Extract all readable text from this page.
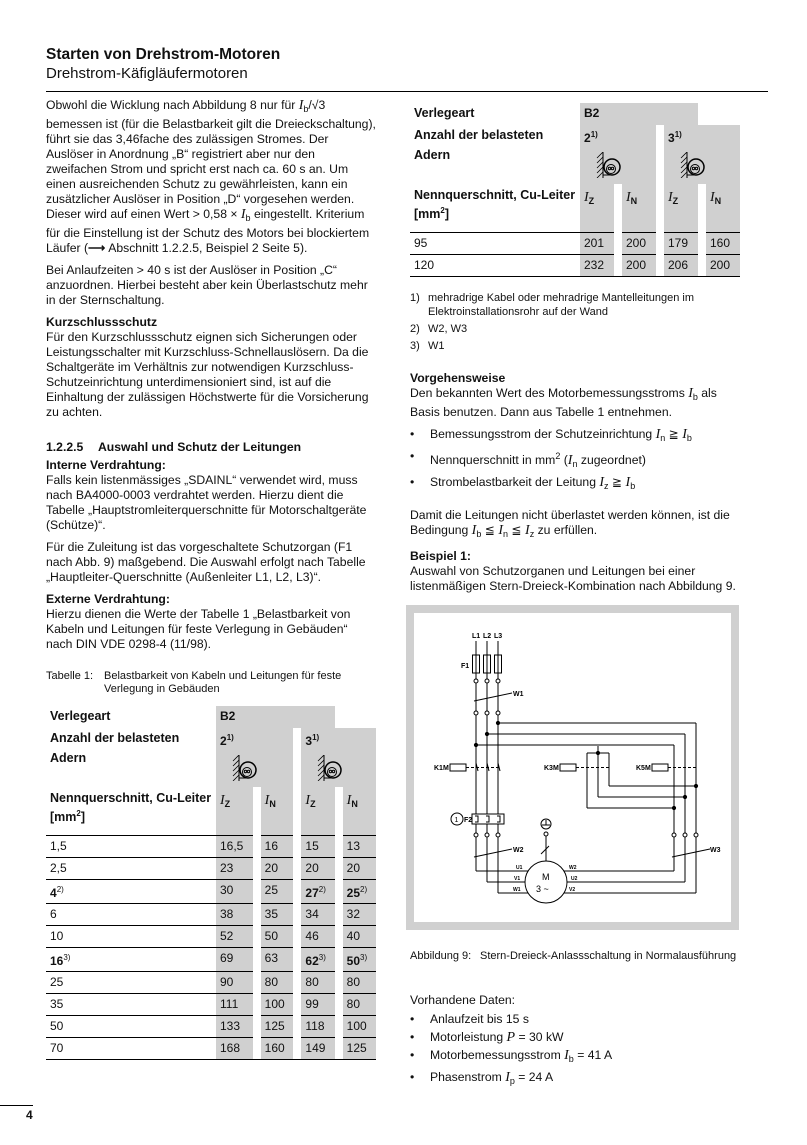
Starten von Drehstrom-Motoren
Drehstrom-Käfigläufermotoren

Obwohl die Wicklung nach Abbildung 8 nur für $I_b/√3$ bemessen ist (für die Belastbarkeit gilt die Dreieckschaltung), führt sie das 3,46fache des zulässigen Stromes. Der Auslöser in Anordnung „B“ registriert aber nur den zweifachen Strom und spricht erst nach ca. 60 s an. Um einen ausreichenden Schutz zu gewährleisten, kann ein zusätzlicher Auslöser in Position „D“ vorgesehen werden. Dieser wird auf einen Wert > $0,58 \times I_b$ eingestellt. Kriterium für die Einstellung ist der Schutz des Motors bei blockiertem Läufer (⟶ Abschnitt 1.2.2.5, Beispiel 2 Seite 5).

Bei Anlaufzeiten > 40 s ist der Auslöser in Position „C“ anzuordnen. Hierbei besteht aber kein Überlastschutz mehr in der Sternschaltung.

Kurzschlussschutz

Für den Kurzschlussschutz eignen sich Sicherungen oder Leistungsschalter mit Kurzschluss-Schnellauslösern. Da die Schaltgeräte im Verhältnis zur notwendigen Kurzschluss-Schutzeinrichtung unterdimensioniert sind, ist auf die Einhaltung der zulässigen Höchstwerte für die Vorsicherung zu achten.

1.2.2.5 Auswahl und Schutz der Leitungen
Interne Verdrahtung:

Falls kein listenmässiges „SDAINL“ verwendet wird, muss nach BA4000-0003 verdrahtet werden. Hierzu dient die Tabelle „Hauptstromleiterquerschnitte für Motorschaltgeräte (Schütze)“.

Für die Zuleitung ist das vorgeschaltete Schutzorgan (F1 nach Abb. 9) maßgebend. Die Auswahl erfolgt nach Tabelle „Hauptleiter-Querschnitte (Außenleiter L1, L2, L3)“.

Externe Verdrahtung:

Hierzu dienen die Werte der Tabelle 1 „Belastbarkeit von Kabeln und Leitungen für feste Verlegung in Gebäuden“ nach DIN VDE 0298-4 (11/98).

Tabelle 1: Belastbarkeit von Kabeln und Leitungen für feste Verlegung in Gebäuden
Verlegeart	B2						
Anzahl der belasteten Adern	2$^{1)}$				3$^{1)}$

Nennquerschnitt, Cu-Leiter
$[mm^2]$	$I_Z$		$I_N$		$I_Z$		$I_N$
1,5	16,5		16		15		13
2,5	23		20		20		20
4$^{2)}$	30		25		27$^{2)}$		25$^{2)}$
6	38		35		34		32
10	52		50		46		40
16$^{3)}$	69		63		62$^{3)}$		50$^{3)}$
25	90		80		80		80
35	111		100		99		80
50	133		125		118		100
70	168		160		149		125
Verlegeart	B2						
Anzahl der belasteten Adern	2$^{1)}$				3$^{1)}$

Nennquerschnitt, Cu-Leiter
$[mm^2]$	$I_Z$		$I_N$		$I_Z$		$I_N$
95	201		200		179		160
120	232		200		206		200
1) mehradrige Kabel oder mehradrige Mantelleitungen im Elektroinstallationsrohr auf der Wand
2) W2, W3
3) W1
Vorgehensweise

Den bekannten Wert des Motorbemessungsstroms $I_b$ als Basis benutzen. Dann aus Tabelle 1 entnehmen.

•	Bemessungsstrom der Schutzeinrichtung $I_n$ ≧ $I_b$
•	Nennquerschnitt in $mm^2$ ($I_n$ zugeordnet)
•	Strombelastbarkeit der Leitung $I_z$ ≧ $I_b$

Damit die Leitungen nicht überlastet werden können, ist die Bedingung $I_b$ ≦ $I_n$ ≦ $I_z$ zu erfüllen.

Beispiel 1:

Auswahl von Schutzorganen und Leitungen bei einer listenmäßigen Stern-Dreieck-Kombination nach Abbildung 9.

L1 L2 L3
F1
W1
K1M	K3M	K5M
1 F2
W2	W3
M
3 ~
U1
V1
W1
W2
U2
V2
Abbildung 9: Stern-Dreieck-Anlassschaltung in Normalausführung
Vorhandene Daten:
•	Anlaufzeit bis 15 s
•	Motorleistung P = 30 kW
•	Motorbemessungsstrom $I_b = 41$ A
•	Phasenstrom $I_p = 24$ A
4
